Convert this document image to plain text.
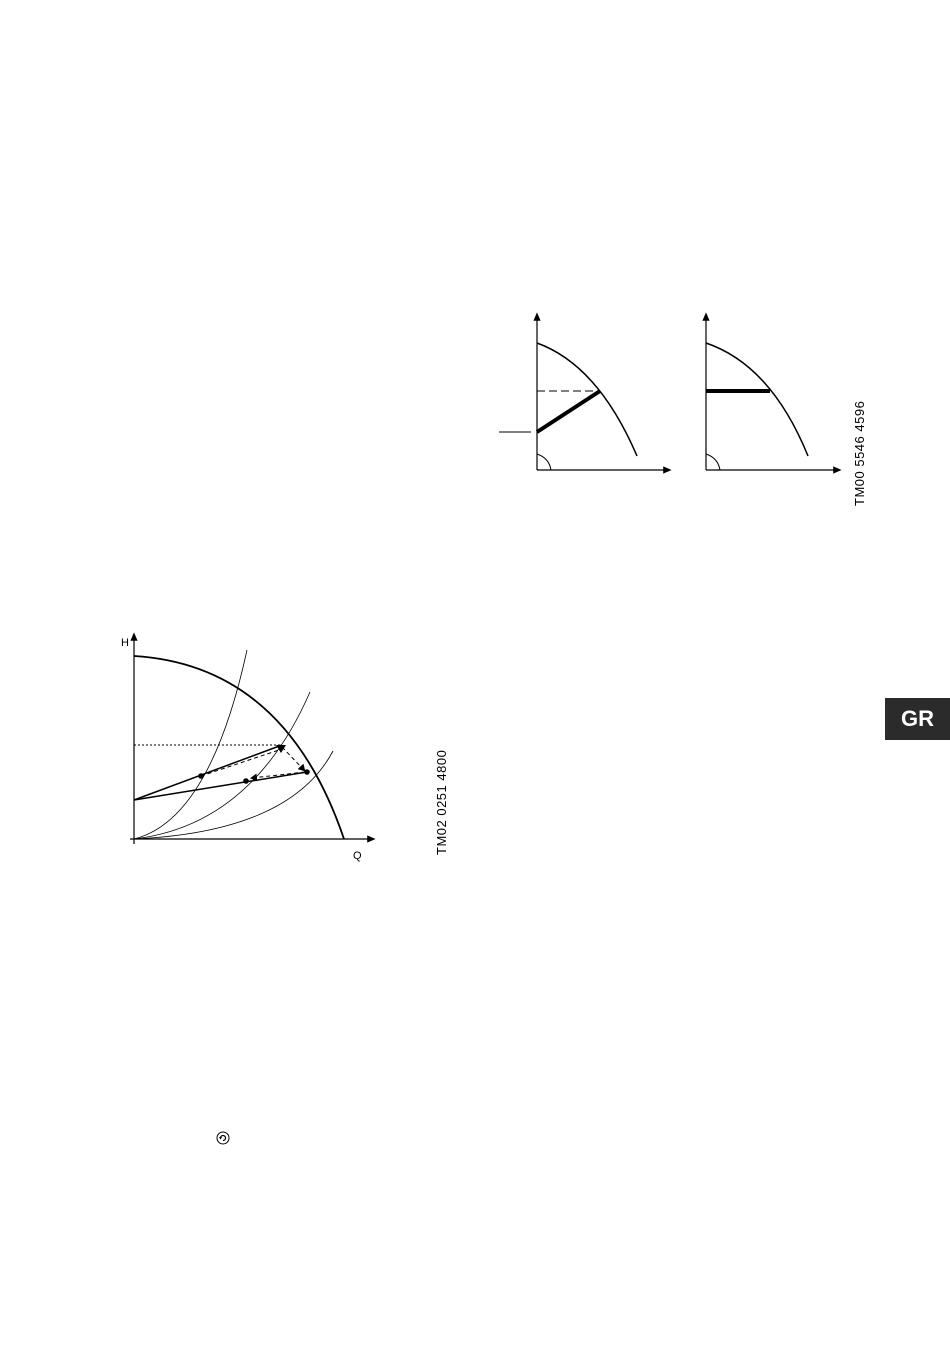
TM00 5546 4596
H
Q
TM02 0251 4800
GR
